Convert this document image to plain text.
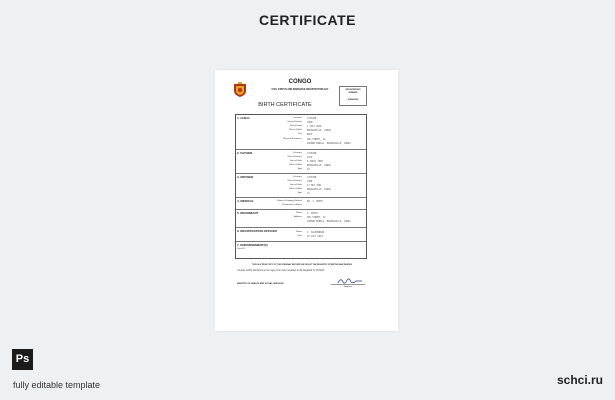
CERTIFICATE
CONGO
CIVIL STATUS AND MARRIAGE REGISTRATION ACT	REGISTRATION
NUMBER
8765432/09
BIRTH CERTIFICATE
1. CHILD	Surname CITIZEN
Given Name(s) JOHN
Date of Birth 1 JULY 2018
Place of Birth BRAZZAVILLE, CONGO
Sex MALE
Physical Residence ANY STREET, 12
AVENUE MARIAL, BRAZZAVILLE, CONGO
2. FATHER	Surname CITIZEN
Given Name(s) JACK
Date of Birth 5 APRIL 1989
Place of Birth BRAZZAVILLE, CONGO
Age 29
3. MOTHER	Surname CITIZEN
Given Name(s) JANE
Date of Birth 17 MAY 1991
Place of Birth BRAZZAVILLE, CONGO
Age 27
4. MEDICAL	Name of Lodging Medical DR. J. SMITH
Practitioner or Mainz
5. INFORMANT	Name J. SMITH
Address ANY STREET, 12
AVENUE MARIAL, BRAZZAVILLE, CONGO
6. REGISTRATION OFFICER	Name J. SOLOMONSON
Date 10 JULY 2018
7. ENDORSEMENT(S)
NoneEU
THIS IS A TRUE COPY OF THE ORIGINAL RECORD ON FILE AT THE REGISTRY OF BIRTHS AND DEATHS
I hereby certify that this is a true copy of an entry recorded in the Registrar in CONGO.
MINISTRY OF HEALTH AND SOCIAL SERVICES
Registrar
Ps
fully editable template	schci.ru
